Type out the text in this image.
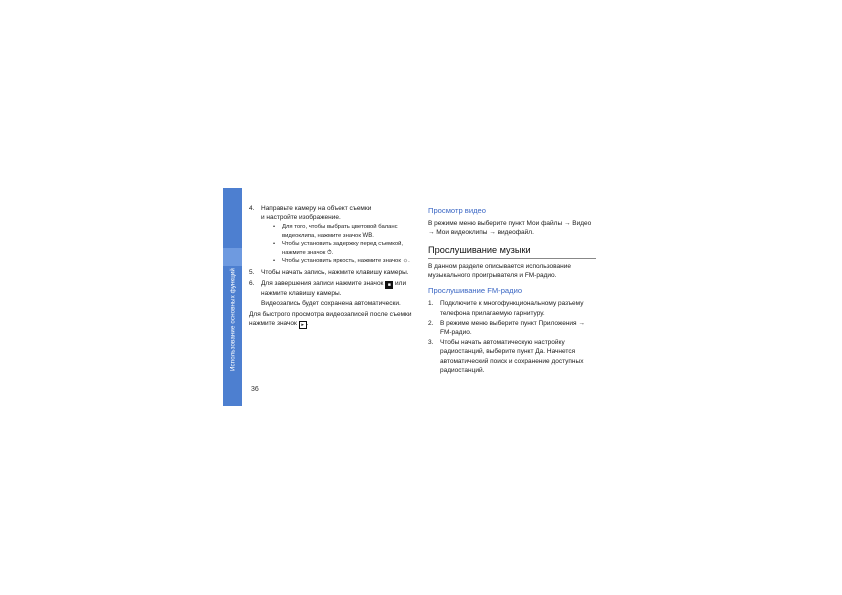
Использование основных функций
4.	Направьте камеру на объект съемки
и настройте изображение.
•	Для того, чтобы выбрать цветовой баланс видеоклипа, нажмите значок WB.
•	Чтобы установить задержку перед съемкой, нажмите значок ⏱.
•	Чтобы установить яркость, нажмите значок ☼.
5.	Чтобы начать запись, нажмите клавишу камеры.
6.	Для завершения записи нажмите значок ■ или нажмите клавишу камеры.
Видеозапись будет сохранена автоматически.
Для быстрого просмотра видеозаписей после съемки нажмите значок ▸ .
Просмотр видео
В режиме меню выберите пункт Мои файлы → Видео → Мои видеоклипы → видеофайл.
Прослушивание музыки
В данном разделе описывается использование музыкального проигрывателя и FM-радио.
Прослушивание FM-радио
1.	Подключите к многофункциональному разъему телефона прилагаемую гарнитуру.
2.	В режиме меню выберите пункт Приложения → FM-радио.
3.	Чтобы начать автоматическую настройку радиостанций, выберите пункт Да. Начнется автоматический поиск и сохранение доступных радиостанций.
36
